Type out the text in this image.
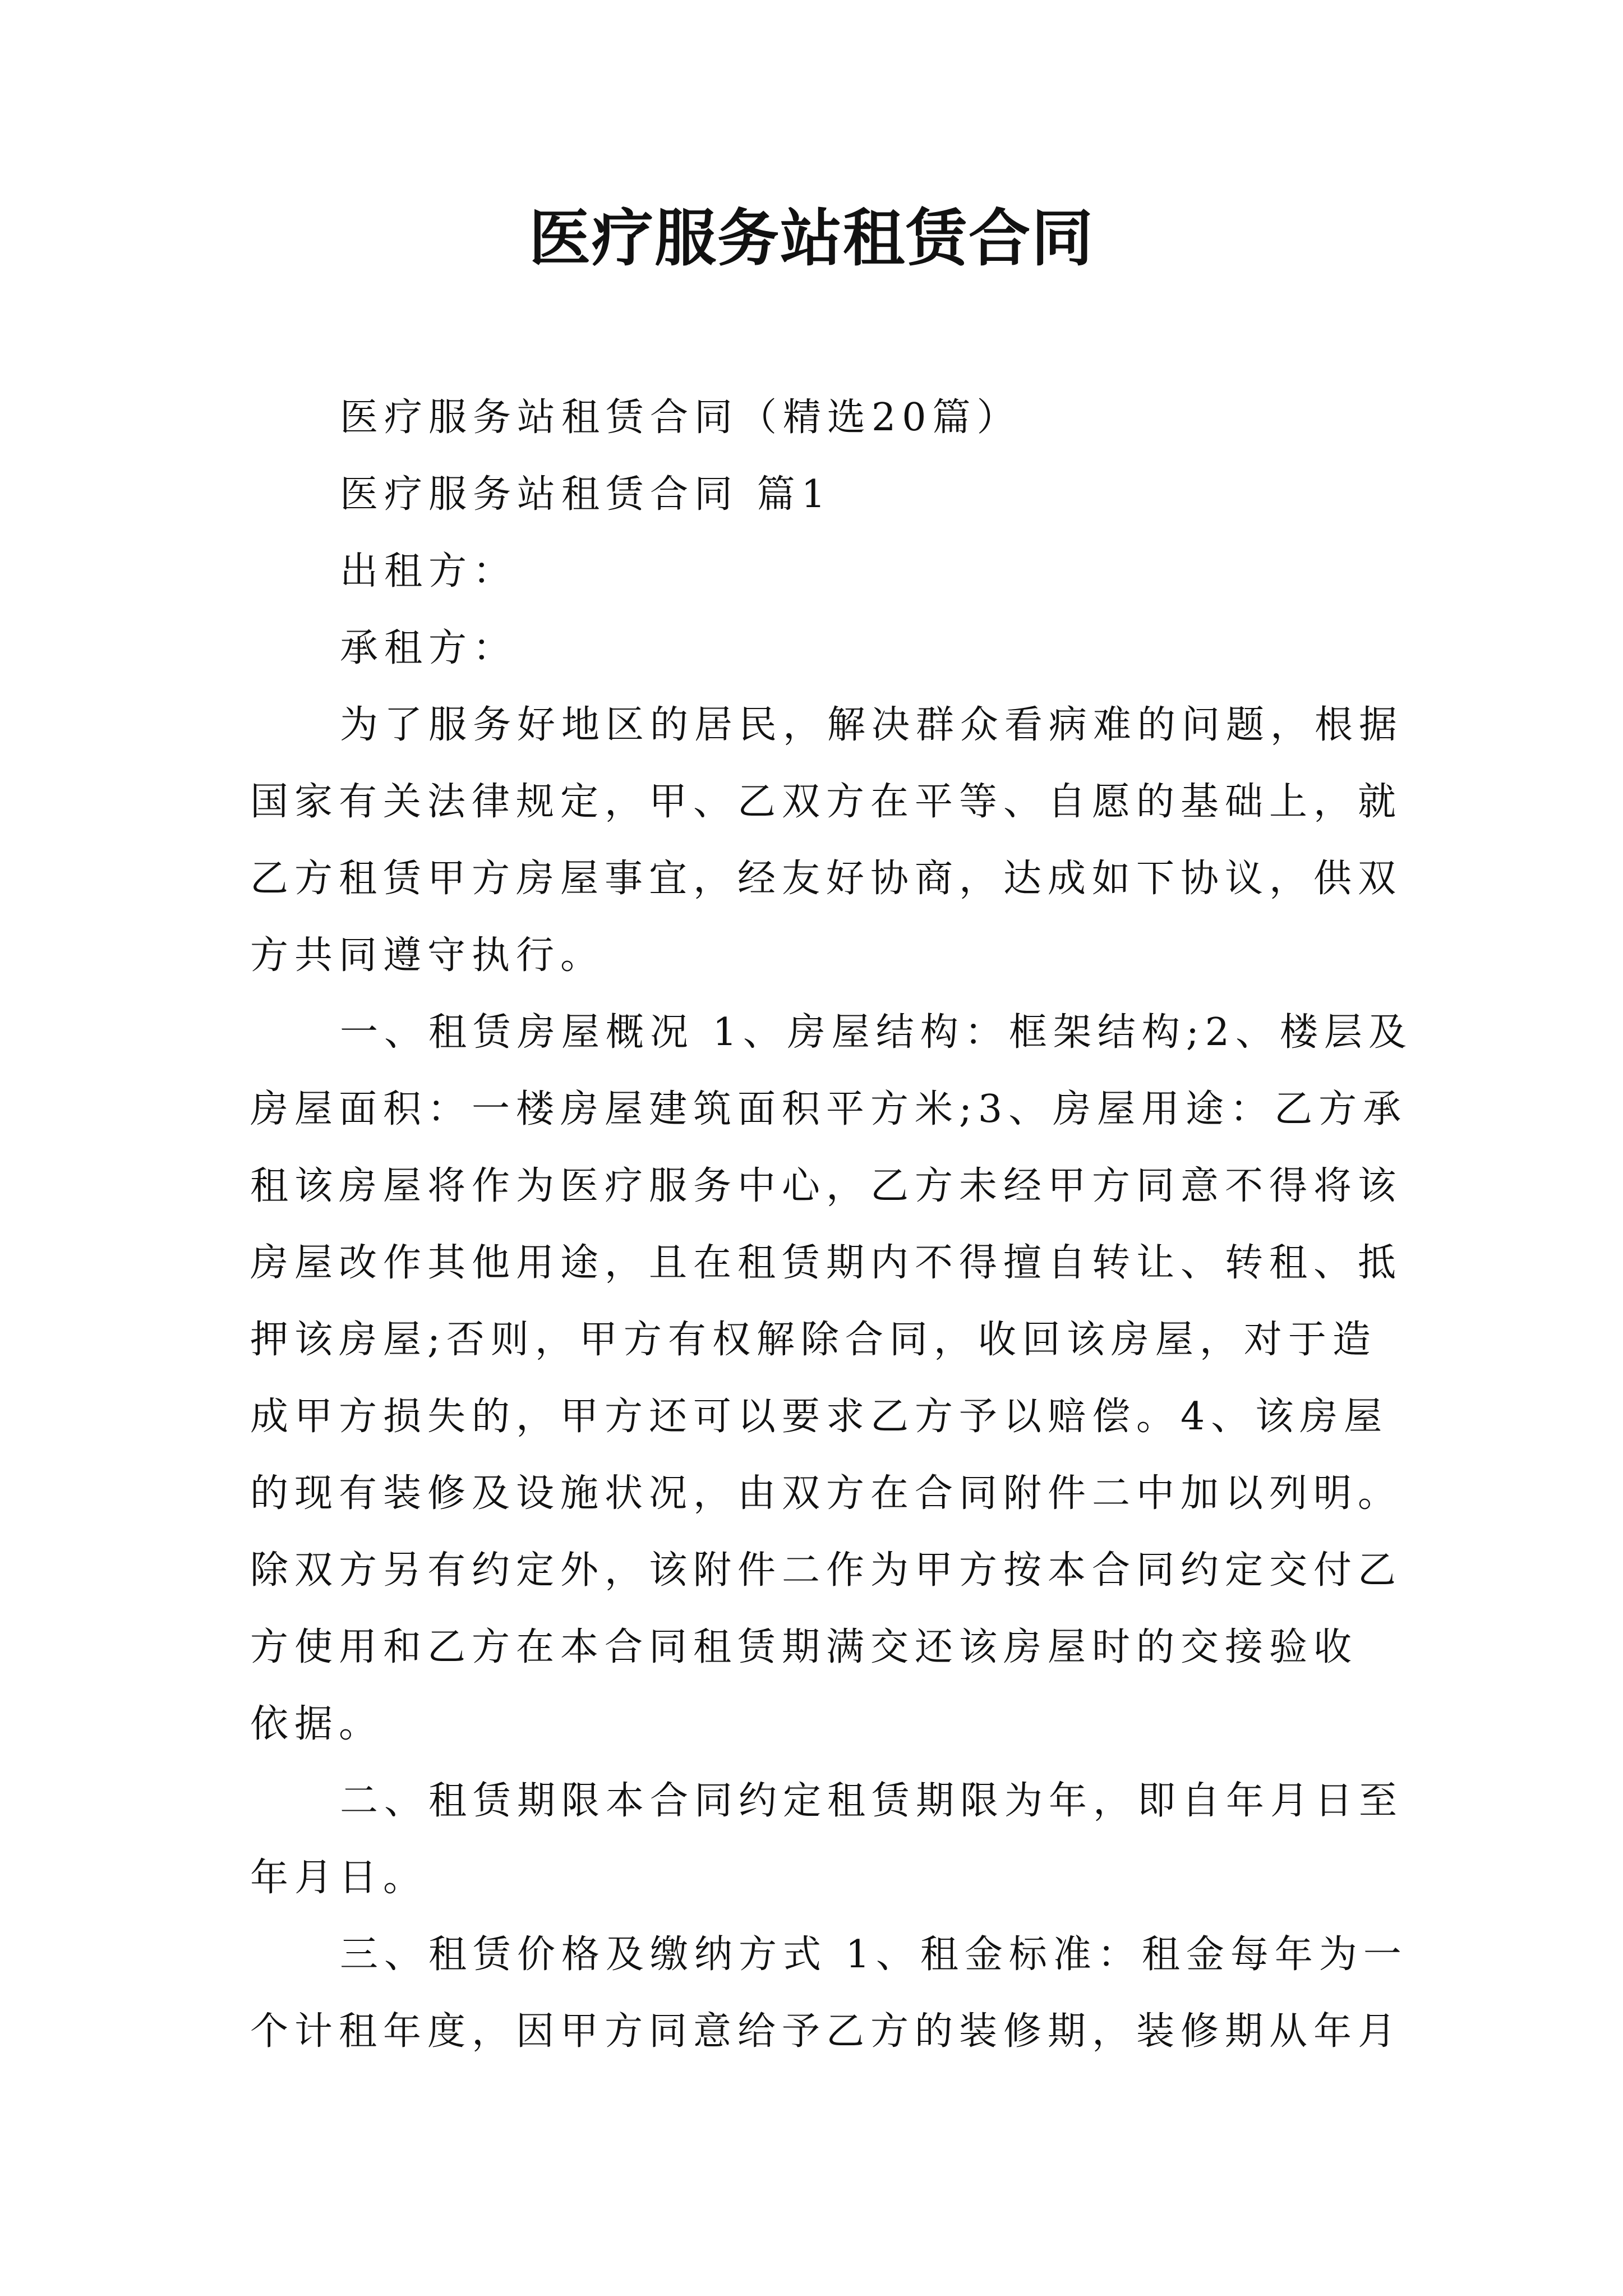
医疗服务站租赁合同

医疗服务站租赁合同（精选20篇）

医疗服务站租赁合同 篇1

出租方：

承租方：

为了服务好地区的居民，解决群众看病难的问题，根据

国家有关法律规定，甲、乙双方在平等、自愿的基础上，就

乙方租赁甲方房屋事宜，经友好协商，达成如下协议，供双

方共同遵守执行。

一、租赁房屋概况 1、房屋结构：框架结构;2、楼层及

房屋面积：一楼房屋建筑面积平方米;3、房屋用途：乙方承

租该房屋将作为医疗服务中心，乙方未经甲方同意不得将该

房屋改作其他用途，且在租赁期内不得擅自转让、转租、抵

押该房屋;否则，甲方有权解除合同，收回该房屋，对于造

成甲方损失的，甲方还可以要求乙方予以赔偿。4、该房屋

的现有装修及设施状况，由双方在合同附件二中加以列明。

除双方另有约定外，该附件二作为甲方按本合同约定交付乙

方使用和乙方在本合同租赁期满交还该房屋时的交接验收

依据。

二、租赁期限本合同约定租赁期限为年，即自年月日至

年月日。

三、租赁价格及缴纳方式 1、租金标准：租金每年为一

个计租年度，因甲方同意给予乙方的装修期，装修期从年月
